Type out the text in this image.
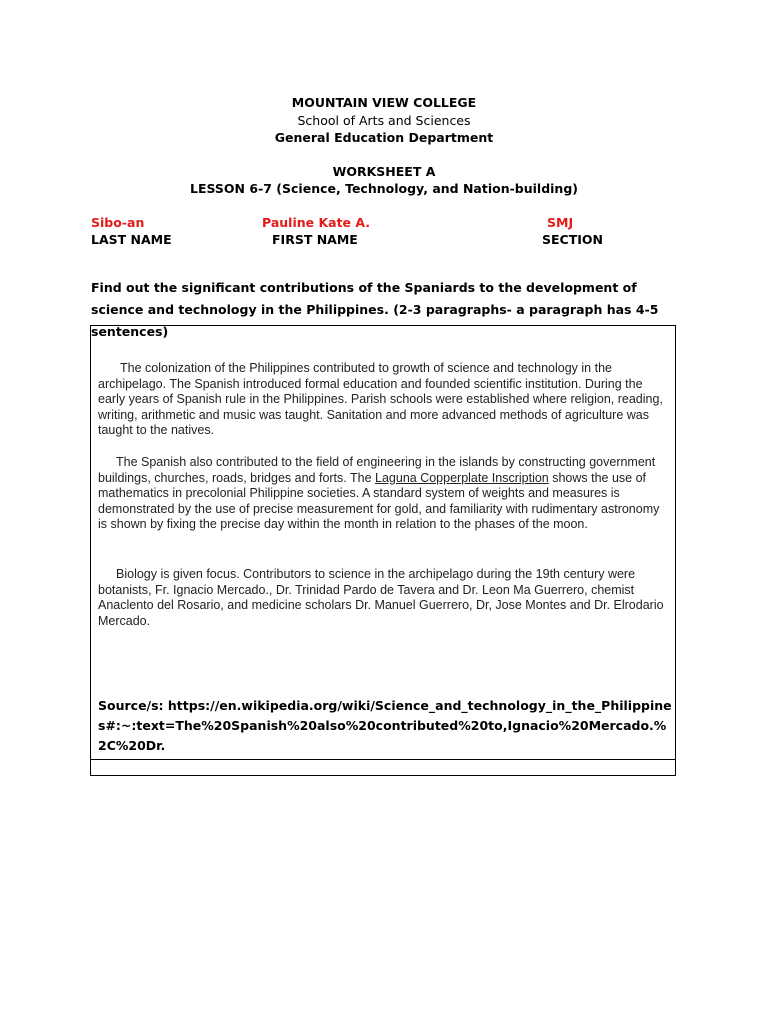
MOUNTAIN VIEW COLLEGE
School of Arts and Sciences
General Education Department
WORKSHEET A
LESSON 6-7 (Science, Technology, and Nation-building)
Sibo-an
LAST NAME
Pauline Kate A.
FIRST NAME
SMJ
SECTION
Find out the significant contributions of the Spaniards to the development of science and technology in the Philippines. (2-3 paragraphs- a paragraph has 4-5 sentences)
The colonization of the Philippines contributed to growth of science and technology in the archipelago. The Spanish introduced formal education and founded scientific institution. During the early years of Spanish rule in the Philippines. Parish schools were established where religion, reading, writing, arithmetic and music was taught. Sanitation and more advanced methods of agriculture was taught to the natives.
The Spanish also contributed to the field of engineering in the islands by constructing government buildings, churches, roads, bridges and forts. The Laguna Copperplate Inscription shows the use of mathematics in precolonial Philippine societies. A standard system of weights and measures is demonstrated by the use of precise measurement for gold, and familiarity with rudimentary astronomy is shown by fixing the precise day within the month in relation to the phases of the moon.
Biology is given focus. Contributors to science in the archipelago during the 19th century were botanists, Fr. Ignacio Mercado., Dr. Trinidad Pardo de Tavera and Dr. Leon Ma Guerrero, chemist Anaclento del Rosario, and medicine scholars Dr. Manuel Guerrero, Dr, Jose Montes and Dr. Elrodario Mercado.
Source/s: https://en.wikipedia.org/wiki/Science_and_technology_in_the_Philippines#:~:text=The%20Spanish%20also%20contributed%20to,Ignacio%20Mercado.%2C%20Dr.
